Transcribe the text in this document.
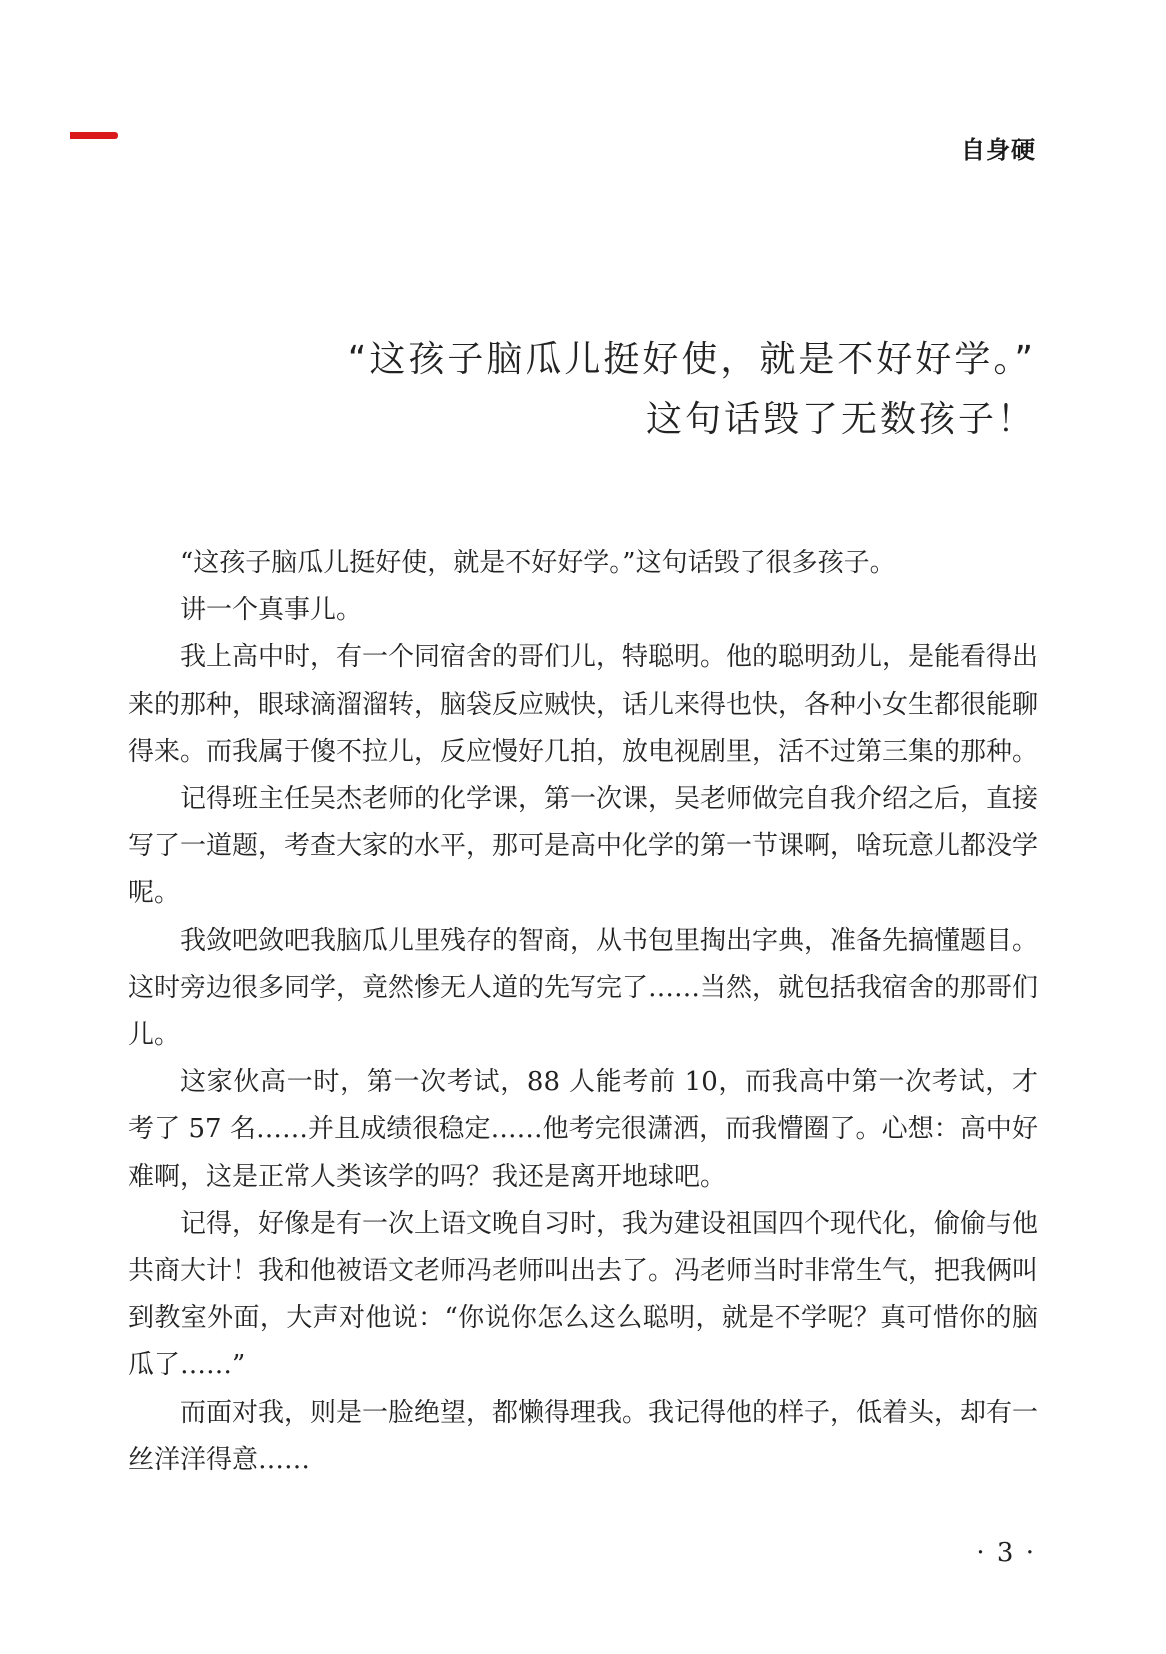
自身硬
“这孩子脑瓜儿挺好使，就是不好好学。”
这句话毁了无数孩子！

“这孩子脑瓜儿挺好使，就是不好好学。”这句话毁了很多孩子。

讲一个真事儿。

我上高中时，有一个同宿舍的哥们儿，特聪明。他的聪明劲儿，是能看得出来的那种，眼球滴溜溜转，脑袋反应贼快，话儿来得也快，各种小女生都很能聊得来。而我属于傻不拉儿，反应慢好几拍，放电视剧里，活不过第三集的那种。

记得班主任吴杰老师的化学课，第一次课，吴老师做完自我介绍之后，直接写了一道题，考查大家的水平，那可是高中化学的第一节课啊，啥玩意儿都没学呢。

我敛吧敛吧我脑瓜儿里残存的智商，从书包里掏出字典，准备先搞懂题目。这时旁边很多同学，竟然惨无人道的先写完了……当然，就包括我宿舍的那哥们儿。

这家伙高一时，第一次考试，88 人能考前 10，而我高中第一次考试，才考了 57 名……并且成绩很稳定……他考完很潇洒，而我懵圈了。心想：高中好难啊，这是正常人类该学的吗？我还是离开地球吧。

记得，好像是有一次上语文晚自习时，我为建设祖国四个现代化，偷偷与他共商大计！我和他被语文老师冯老师叫出去了。冯老师当时非常生气，把我俩叫到教室外面，大声对他说：“你说你怎么这么聪明，就是不学呢？真可惜你的脑瓜了……”

而面对我，则是一脸绝望，都懒得理我。我记得他的样子，低着头，却有一丝洋洋得意……

· 3 ·
